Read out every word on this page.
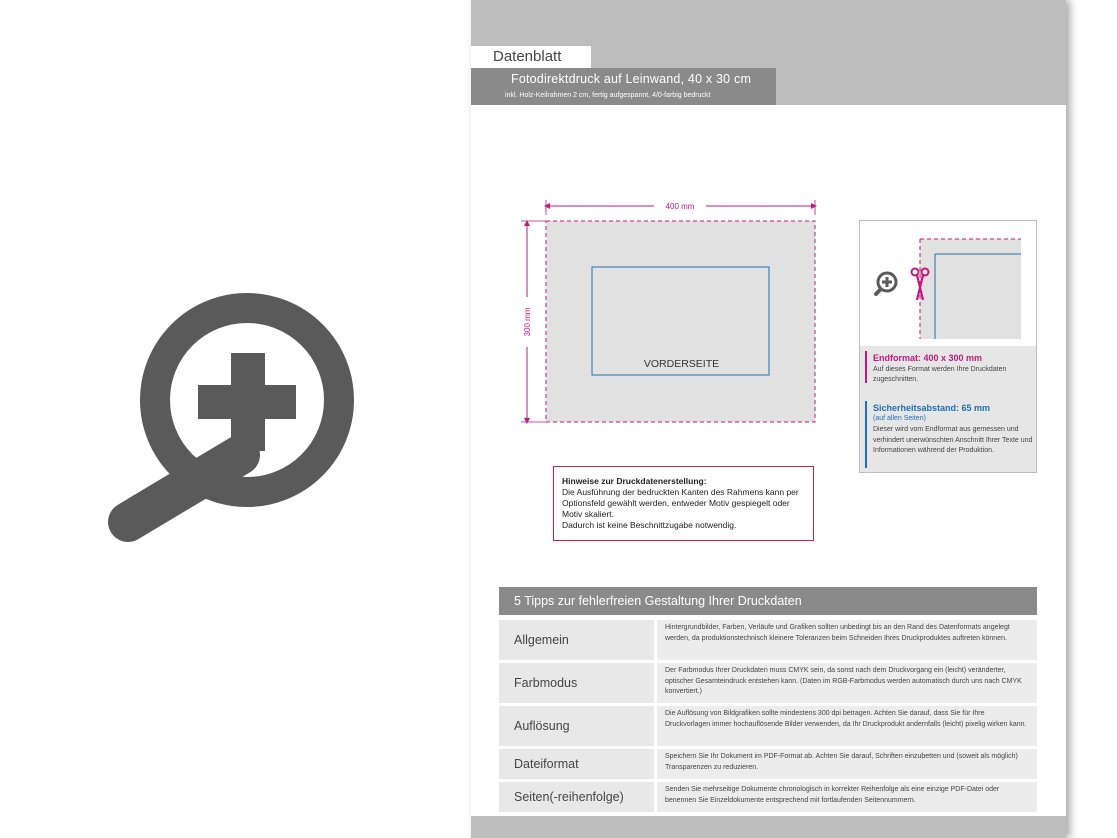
Datenblatt
Fotodirektdruck auf Leinwand, 40 x 30 cm
inkl. Holz-Keilrahmen 2 cm, fertig aufgespannt, 4/0-farbig bedruckt
400 mm
300 mm
VORDERSEITE	Endformat: 400 x 300 mm
Auf dieses Format werden Ihre Druckdaten zugeschnitten.
Sicherheitsabstand: 65 mm
(auf allen Seiten)
Dieser wird vom Endformat aus gemessen und verhindert unerwünschten Anschnitt Ihrer Texte und Informationen während der Produktion.
Hinweise zur Druckdatenerstellung:
Die Ausführung der bedruckten Kanten des Rahmens kann per Optionsfeld gewählt werden, entweder Motiv gespiegelt oder Motiv skaliert.
Dadurch ist keine Beschnittzugabe notwendig.
5 Tipps zur fehlerfreien Gestaltung Ihrer Druckdaten
Allgemein
Hintergrundbilder, Farben, Verläufe und Grafiken sollten unbedingt bis an den Rand des Datenformats angelegt werden, da produktionstechnisch kleinere Toleranzen beim Schneiden Ihres Druckproduktes auftreten können.
Farbmodus
Der Farbmodus Ihrer Druckdaten muss CMYK sein, da sonst nach dem Druckvorgang ein (leicht) veränderter, optischer Gesamteindruck entstehen kann. (Daten im RGB-Farbmodus werden automatisch durch uns nach CMYK konvertiert.)
Auflösung
Die Auflösung von Bildgrafiken sollte mindestens 300 dpi betragen. Achten Sie darauf, dass Sie für Ihre Druckvorlagen immer hochauflösende Bilder verwenden, da Ihr Druckprodukt andernfalls (leicht) pixelig wirken kann.
Dateiformat
Speichern Sie Ihr Dokument im PDF-Format ab. Achten Sie darauf, Schriften einzubetten und (soweit als möglich) Transparenzen zu reduzieren.
Seiten(-reihenfolge)
Senden Sie mehrseitige Dokumente chronologisch in korrekter Reihenfolge als eine einzige PDF-Datei oder benennen Sie Einzeldokumente entsprechend mit fortlaufenden Seitennummern.
